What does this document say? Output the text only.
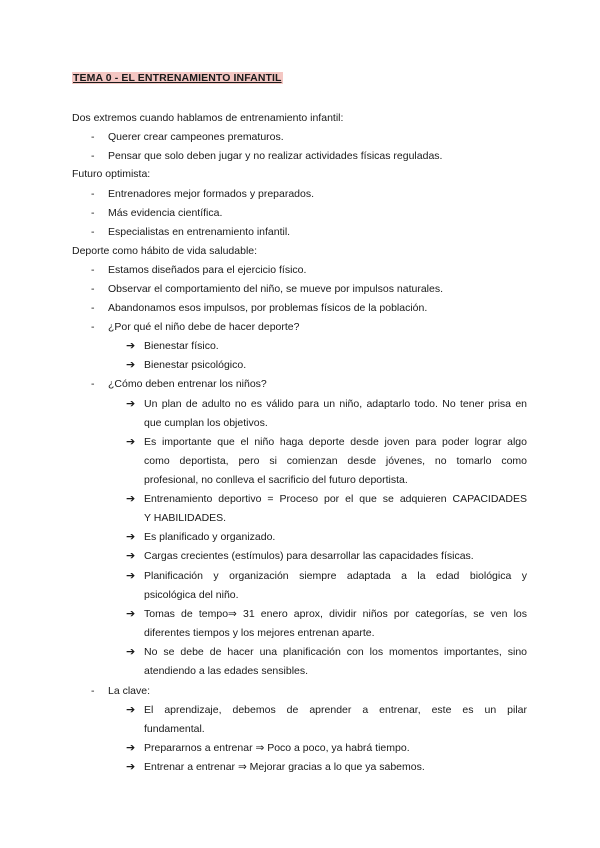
TEMA 0 - EL ENTRENAMIENTO INFANTIL
Dos extremos cuando hablamos de entrenamiento infantil:
- Querer crear campeones prematuros.
- Pensar que solo deben jugar y no realizar actividades físicas reguladas.
Futuro optimista:
- Entrenadores mejor formados y preparados.
- Más evidencia científica.
- Especialistas en entrenamiento infantil.
Deporte como hábito de vida saludable:
- Estamos diseñados para el ejercicio físico.
- Observar el comportamiento del niño, se mueve por impulsos naturales.
- Abandonamos esos impulsos, por problemas físicos de la población.
- ¿Por qué el niño debe de hacer deporte?
➔ Bienestar físico.
➔ Bienestar psicológico.
- ¿Cómo deben entrenar los niños?
➔ Un plan de adulto no es válido para un niño, adaptarlo todo. No tener prisa en
que cumplan los objetivos.
➔ Es importante que el niño haga deporte desde joven para poder lograr algo
como deportista, pero si comienzan desde jóvenes, no tomarlo como
profesional, no conlleva el sacrificio del futuro deportista.
➔ Entrenamiento deportivo = Proceso por el que se adquieren CAPACIDADES
Y HABILIDADES.
➔ Es planificado y organizado.
➔ Cargas crecientes (estímulos) para desarrollar las capacidades físicas.
➔ Planificación y organización siempre adaptada a la edad biológica y
psicológica del niño.
➔ Tomas de tempo⇒ 31 enero aprox, dividir niños por categorías, se ven los
diferentes tiempos y los mejores entrenan aparte.
➔ No se debe de hacer una planificación con los momentos importantes, sino
atendiendo a las edades sensibles.
- La clave:
➔ El aprendizaje, debemos de aprender a entrenar, este es un pilar
fundamental.
➔ Prepararnos a entrenar ⇒ Poco a poco, ya habrá tiempo.
➔ Entrenar a entrenar ⇒ Mejorar gracias a lo que ya sabemos.
